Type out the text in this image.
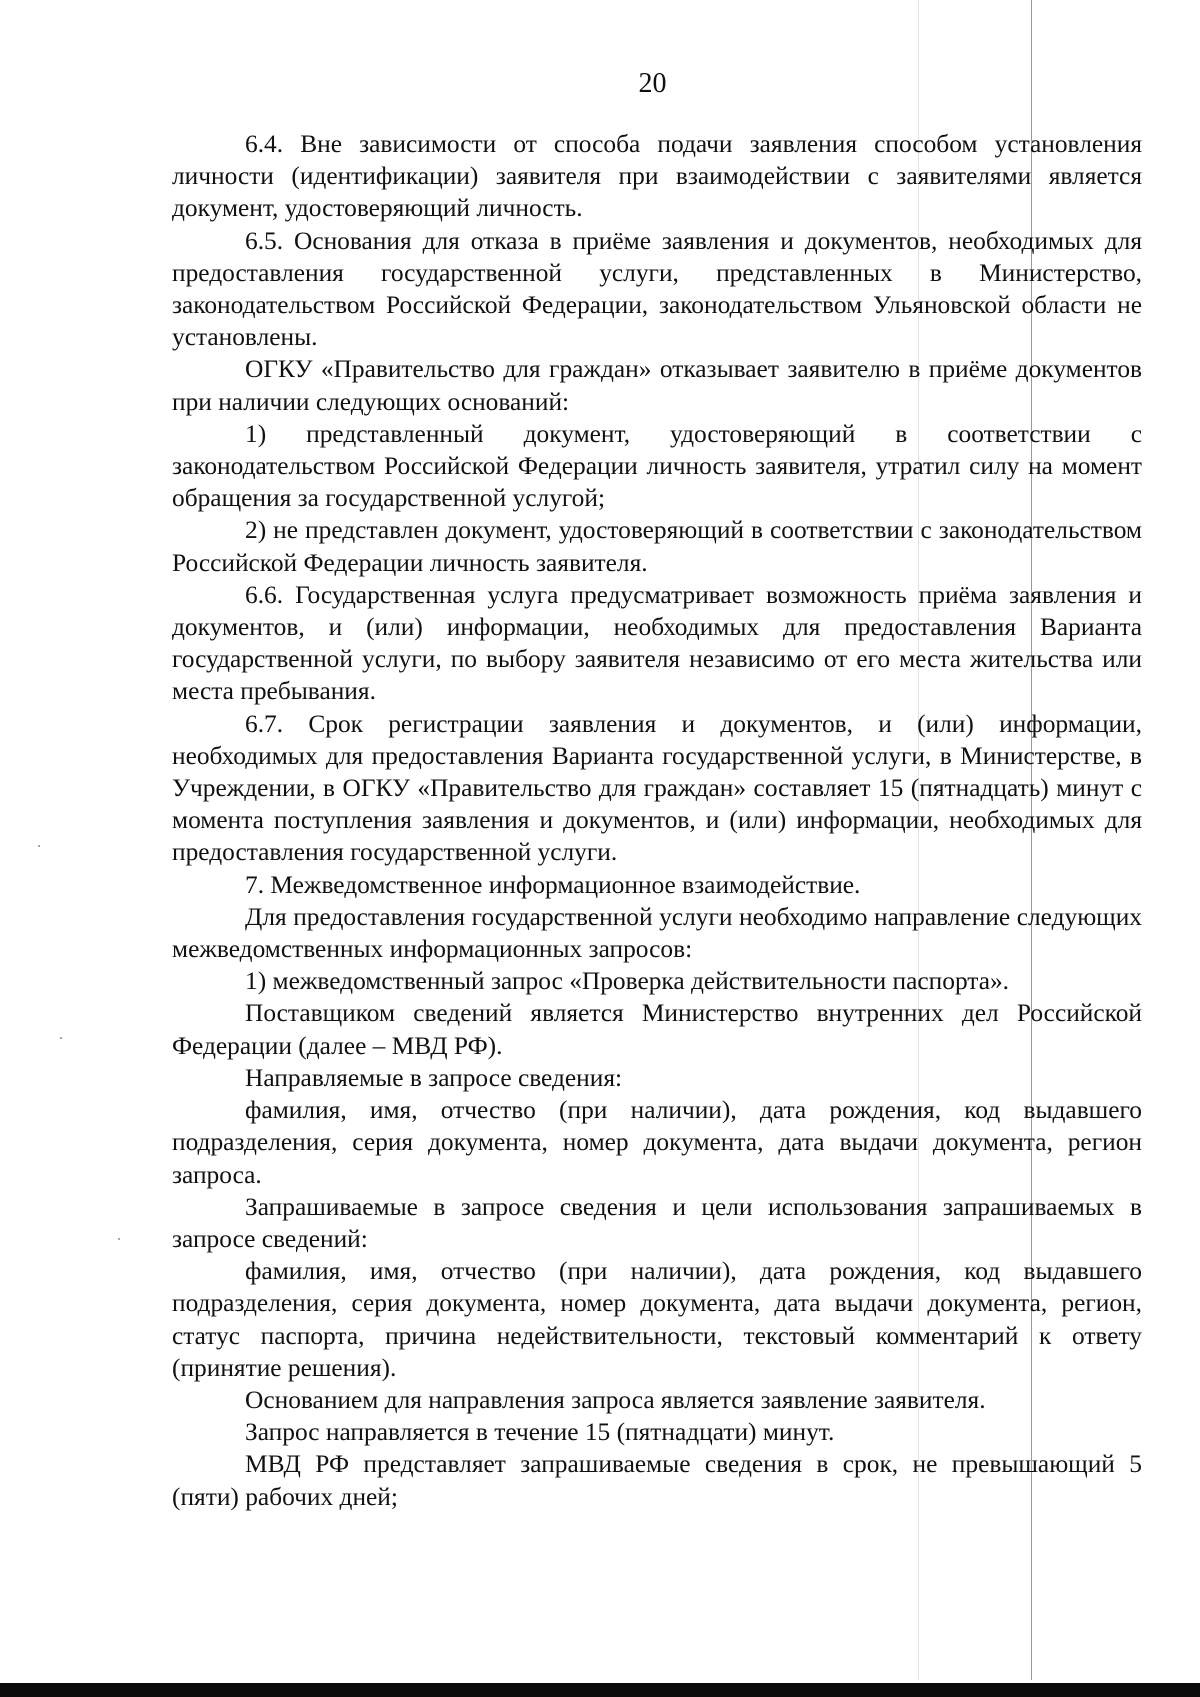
20

6.4. Вне зависимости от способа подачи заявления способом установления личности (идентификации) заявителя при взаимодействии с заявителями является документ, удостоверяющий личность.

6.5. Основания для отказа в приёме заявления и документов, необходимых для предоставления государственной услуги, представленных в Министерство, законодательством Российской Федерации, законодательством Ульяновской области не установлены.

ОГКУ «Правительство для граждан» отказывает заявителю в приёме документов при наличии следующих оснований:

1) представленный документ, удостоверяющий в соответствии с законодательством Российской Федерации личность заявителя, утратил силу на момент обращения за государственной услугой;

2) не представлен документ, удостоверяющий в соответствии с законодательством Российской Федерации личность заявителя.

6.6. Государственная услуга предусматривает возможность приёма заявления и документов, и (или) информации, необходимых для предоставления Варианта государственной услуги, по выбору заявителя независимо от его места жительства или места пребывания.

6.7. Срок регистрации заявления и документов, и (или) информации, необходимых для предоставления Варианта государственной услуги, в Министерстве, в Учреждении, в ОГКУ «Правительство для граждан» составляет 15 (пятнадцать) минут с момента поступления заявления и документов, и (или) информации, необходимых для предоставления государственной услуги.

7. Межведомственное информационное взаимодействие.

Для предоставления государственной услуги необходимо направление следующих межведомственных информационных запросов:

1) межведомственный запрос «Проверка действительности паспорта».

Поставщиком сведений является Министерство внутренних дел Российской Федерации (далее – МВД РФ).

Направляемые в запросе сведения:

фамилия, имя, отчество (при наличии), дата рождения, код выдавшего подразделения, серия документа, номер документа, дата выдачи документа, регион запроса.

Запрашиваемые в запросе сведения и цели использования запрашиваемых в запросе сведений:

фамилия, имя, отчество (при наличии), дата рождения, код выдавшего подразделения, серия документа, номер документа, дата выдачи документа, регион, статус паспорта, причина недействительности, текстовый комментарий к ответу (принятие решения).

Основанием для направления запроса является заявление заявителя.

Запрос направляется в течение 15 (пятнадцати) минут.

МВД РФ представляет запрашиваемые сведения в срок, не превышающий 5 (пяти) рабочих дней;
